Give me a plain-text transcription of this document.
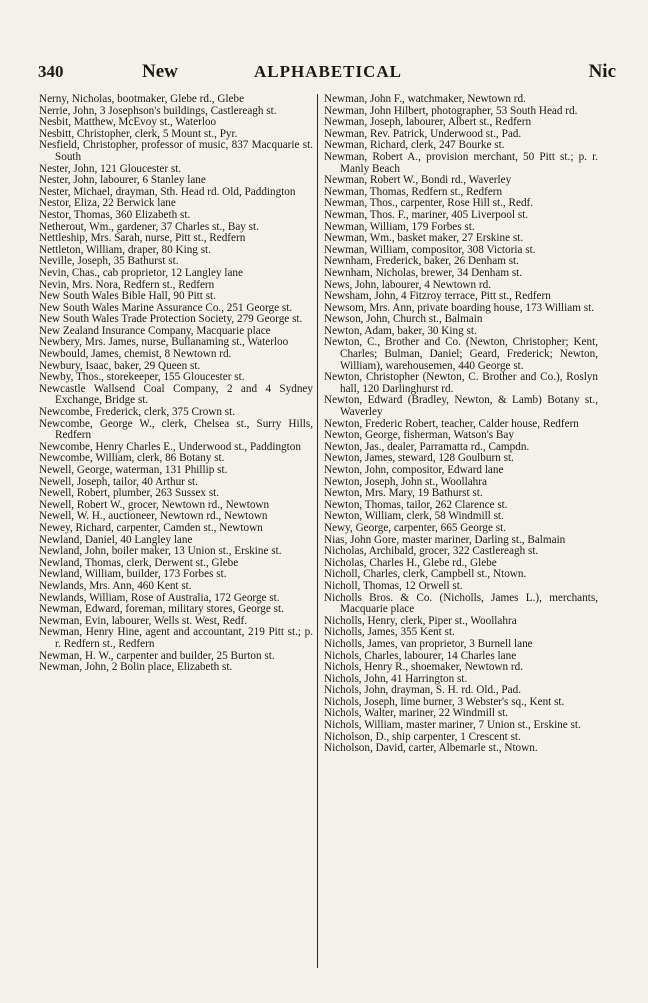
340	New	ALPHABETICAL	Nic

Nerny, Nicholas, bootmaker, Glebe rd., Glebe

Nerrie, John, 3 Josephson's buildings, Castlereagh st.

Nesbit, Matthew, McEvoy st., Waterloo

Nesbitt, Christopher, clerk, 5 Mount st., Pyr.

Nesfield, Christopher, professor of music, 837 Macquarie st. South

Nester, John, 121 Gloucester st.

Nester, John, labourer, 6 Stanley lane

Nester, Michael, drayman, Sth. Head rd. Old, Paddington

Nestor, Eliza, 22 Berwick lane

Nestor, Thomas, 360 Elizabeth st.

Netherout, Wm., gardener, 37 Charles st., Bay st.

Nettleship, Mrs. Sarah, nurse, Pitt st., Redfern

Nettleton, William, draper, 80 King st.

Neville, Joseph, 35 Bathurst st.

Nevin, Chas., cab proprietor, 12 Langley lane

Nevin, Mrs. Nora, Redfern st., Redfern

New South Wales Bible Hall, 90 Pitt st.

New South Wales Marine Assurance Co., 251 George st.

New South Wales Trade Protection Society, 279 George st.

New Zealand Insurance Company, Macquarie place

Newbery, Mrs. James, nurse, Bullanaming st., Waterloo

Newbould, James, chemist, 8 Newtown rd.

Newbury, Isaac, baker, 29 Queen st.

Newby, Thos., storekeeper, 155 Gloucester st.

Newcastle Wallsend Coal Company, 2 and 4 Sydney Exchange, Bridge st.

Newcombe, Frederick, clerk, 375 Crown st.

Newcombe, George W., clerk, Chelsea st., Surry Hills, Redfern

Newcombe, Henry Charles E., Underwood st., Paddington

Newcombe, William, clerk, 86 Botany st.

Newell, George, waterman, 131 Phillip st.

Newell, Joseph, tailor, 40 Arthur st.

Newell, Robert, plumber, 263 Sussex st.

Newell, Robert W., grocer, Newtown rd., Newtown

Newell, W. H., auctioneer, Newtown rd., Newtown

Newey, Richard, carpenter, Camden st., Newtown

Newland, Daniel, 40 Langley lane

Newland, John, boiler maker, 13 Union st., Erskine st.

Newland, Thomas, clerk, Derwent st., Glebe

Newland, William, builder, 173 Forbes st.

Newlands, Mrs. Ann, 460 Kent st.

Newlands, William, Rose of Australia, 172 George st.

Newman, Edward, foreman, military stores, George st.

Newman, Evin, labourer, Wells st. West, Redf.

Newman, Henry Hine, agent and accountant, 219 Pitt st.; p. r. Redfern st., Redfern

Newman, H. W., carpenter and builder, 25 Burton st.

Newman, John, 2 Bolin place, Elizabeth st.

Newman, John F., watchmaker, Newtown rd.

Newman, John Hilbert, photographer, 53 South Head rd.

Newman, Joseph, labourer, Albert st., Redfern

Newman, Rev. Patrick, Underwood st., Pad.

Newman, Richard, clerk, 247 Bourke st.

Newman, Robert A., provision merchant, 50 Pitt st.; p. r. Manly Beach

Newman, Robert W., Bondi rd., Waverley

Newman, Thomas, Redfern st., Redfern

Newman, Thos., carpenter, Rose Hill st., Redf.

Newman, Thos. F., mariner, 405 Liverpool st.

Newman, William, 179 Forbes st.

Newman, Wm., basket maker, 27 Erskine st.

Newman, William, compositor, 308 Victoria st.

Newnham, Frederick, baker, 26 Denham st.

Newnham, Nicholas, brewer, 34 Denham st.

News, John, labourer, 4 Newtown rd.

Newsham, John, 4 Fitzroy terrace, Pitt st., Redfern

Newsom, Mrs. Ann, private boarding house, 173 William st.

Newson, John, Church st., Balmain

Newton, Adam, baker, 30 King st.

Newton, C., Brother and Co. (Newton, Christopher; Kent, Charles; Bulman, Daniel; Geard, Frederick; Newton, William), warehousemen, 440 George st.

Newton, Christopher (Newton, C. Brother and Co.), Roslyn hall, 120 Darlinghurst rd.

Newton, Edward (Bradley, Newton, & Lamb) Botany st., Waverley

Newton, Frederic Robert, teacher, Calder house, Redfern

Newton, George, fisherman, Watson's Bay

Newton, Jas., dealer, Parramatta rd., Campdn.

Newton, James, steward, 128 Goulburn st.

Newton, John, compositor, Edward lane

Newton, Joseph, John st., Woollahra

Newton, Mrs. Mary, 19 Bathurst st.

Newton, Thomas, tailor, 262 Clarence st.

Newton, William, clerk, 58 Windmill st.

Newy, George, carpenter, 665 George st.

Nias, John Gore, master mariner, Darling st., Balmain

Nicholas, Archibald, grocer, 322 Castlereagh st.

Nicholas, Charles H., Glebe rd., Glebe

Nicholl, Charles, clerk, Campbell st., Ntown.

Nicholl, Thomas, 12 Orwell st.

Nicholls Bros. & Co. (Nicholls, James L.), merchants, Macquarie place

Nicholls, Henry, clerk, Piper st., Woollahra

Nicholls, James, 355 Kent st.

Nicholls, James, van proprietor, 3 Burnell lane

Nichols, Charles, labourer, 14 Charles lane

Nichols, Henry R., shoemaker, Newtown rd.

Nichols, John, 41 Harrington st.

Nichols, John, drayman, S. H. rd. Old., Pad.

Nichols, Joseph, lime burner, 3 Webster's sq., Kent st.

Nichols, Walter, mariner, 22 Windmill st.

Nichols, William, master mariner, 7 Union st., Erskine st.

Nicholson, D., ship carpenter, 1 Crescent st.

Nicholson, David, carter, Albemarle st., Ntown.
